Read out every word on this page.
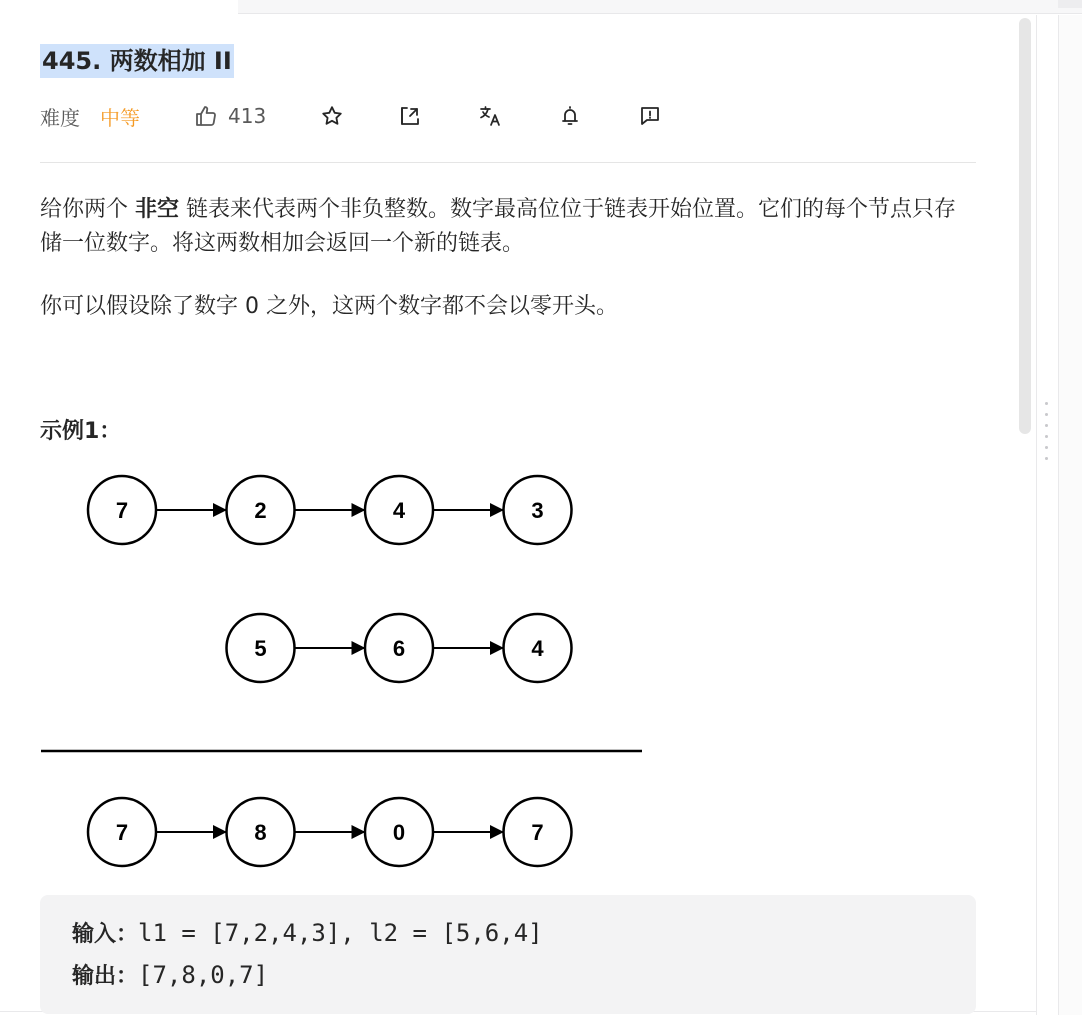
445. 两数相加 II
难度 中等	413
给你两个 非空 链表来代表两个非负整数。数字最高位位于链表开始位置。它们的每个节点只存储一位数字。将这两数相加会返回一个新的链表。
你可以假设除了数字 0 之外，这两个数字都不会以零开头。
示例1：
7	2	4	3
5	6	4
7	8	0	7
输入：l1 = [7,2,4,3], l2 = [5,6,4]
输出：[7,8,0,7]
